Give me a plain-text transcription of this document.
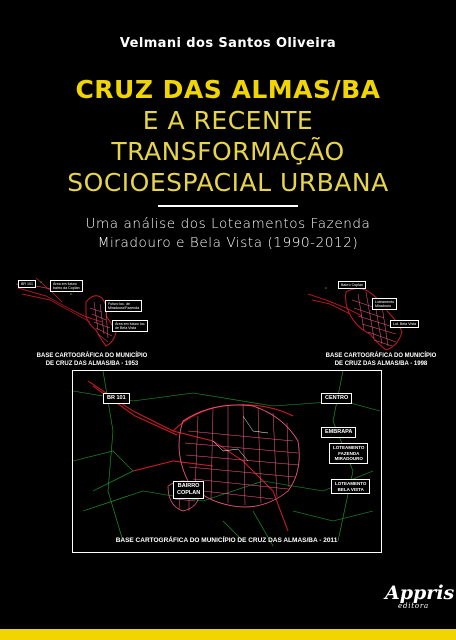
Velmani dos Santos Oliveira
CRUZ DAS ALMAS/BA
E A RECENTE
TRANSFORMAÇÃO
SOCIOESPACIAL URBANA
Uma análise dos Loteamentos Fazenda
Miradouro e Bela Vista (1990-2012)
BR 101	Área em futuro
bairro da Coplan
Futuro loc. de
Miradouro/Fazenda
Área em futuro loc.
de Bela Vista
BASE CARTOGRÁFICA DO MUNICÍPIO
DE CRUZ DAS ALMAS/BA - 1953
Bairro Coplan
Loteamento
Miradouro
Lot. Bela Vista
BASE CARTOGRÁFICA DO MUNICÍPIO
DE CRUZ DAS ALMAS/BA - 1998
BR 101	CENTRO
EMBRAPA
LOTEAMENTO
FAZENDA
MIRADOURO
LOTEAMENTO
BELA VISTA
BAIRRO
COPLAN
BASE CARTOGRÁFICA DO MUNICÍPIO DE CRUZ DAS ALMAS/BA - 2011
Appris
editora
